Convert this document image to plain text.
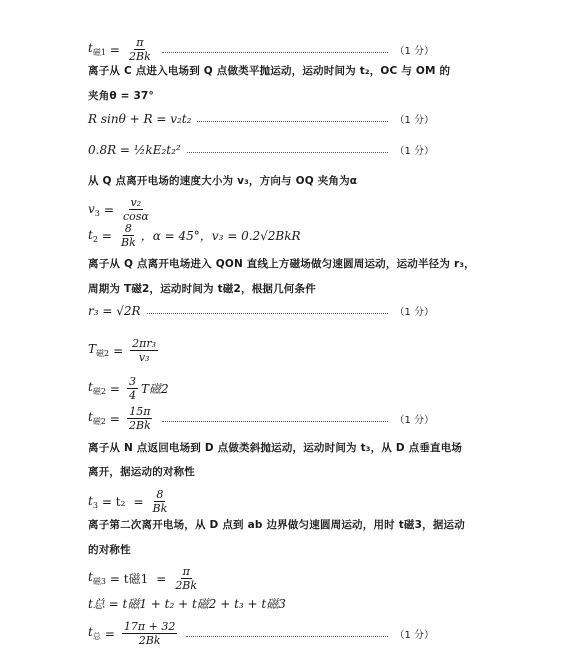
$t_{磁1} = \frac{\pi}{2Bk}$	（1 分）
离子从 C 点进入电场到 Q 点做类平抛运动，运动时间为 t₂，OC 与 OM 的
夹角θ = 37°
R sinθ + R = v₂t₂	（1 分）
0.8R = ½kE₂t₂²	（1 分）
从 Q 点离开电场的速度大小为 v₃，方向与 OQ 夹角为α
$v_3 = \frac{\text{v₂}}{\cos\alpha}$
$t_2 = \frac{8}{Bk}$ ，α = 45°，v₃ = 0.2√2BkR
离子从 Q 点离开电场进入 QON 直线上方磁场做匀速圆周运动，运动半径为 r₃，
周期为 T磁2，运动时间为 t磁2，根据几何条件
r₃ = √2R	（1 分）
$T_{磁2} = \frac{\text{2πr₃}}{\text{v₃}}$
$t_{磁2} = \frac{3}{4}$ T磁2
$t_{磁2} = \frac{15\pi}{2Bk}$	（1 分）
离子从 N 点返回电场到 D 点做类斜抛运动，运动时间为 t₃，从 D 点垂直电场
离开，据运动的对称性
$t_3 = t_2 = \frac{8}{Bk}$
离子第二次离开电场，从 D 点到 ab 边界做匀速圆周运动，用时 t磁3，据运动
的对称性
$t_{磁3} = t$磁$1 = \frac{\pi}{2Bk}$
t总 = t磁1 + t₂ + t磁2 + t₃ + t磁3
$t_总 = \frac{17\pi + 32}{2Bk}$	（1 分）
